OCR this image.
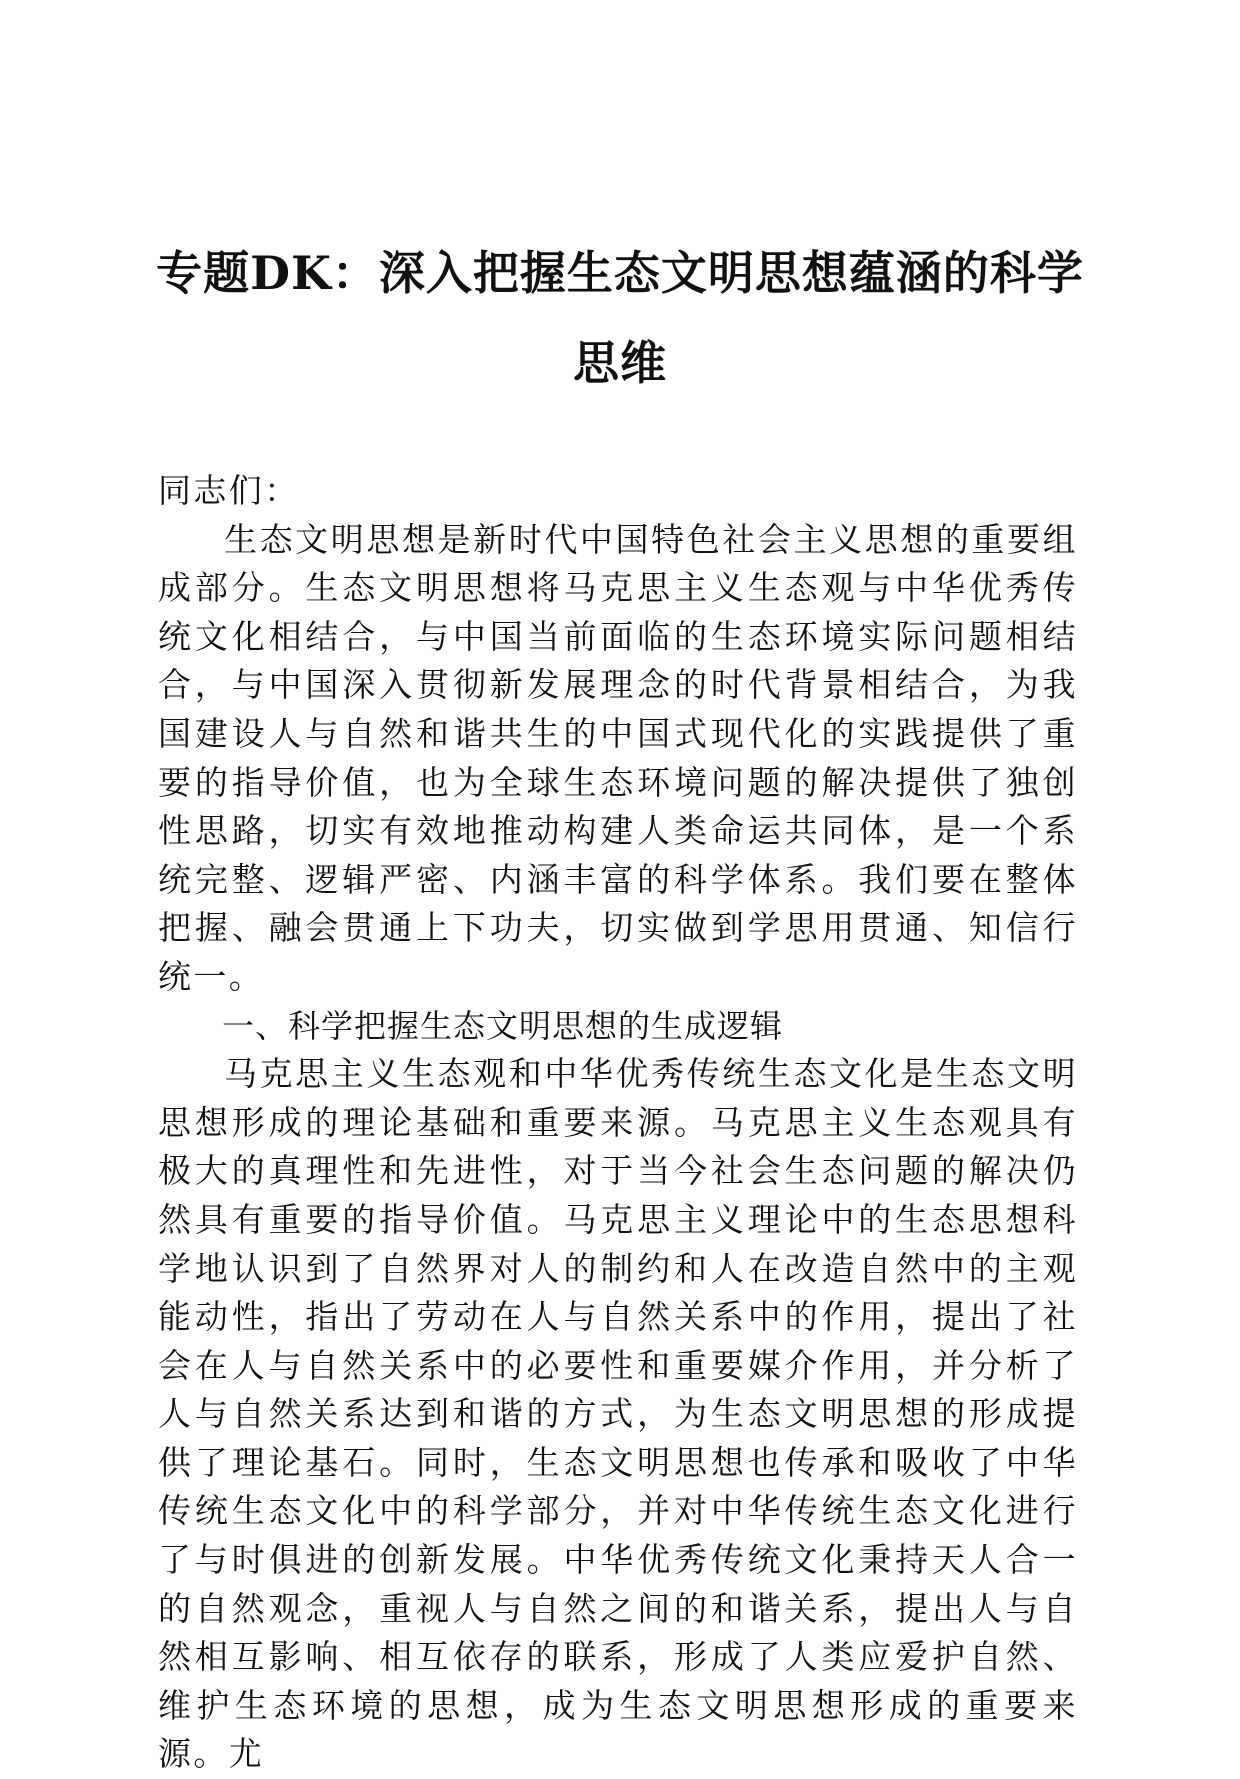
专题DK：深入把握生态文明思想蕴涵的科学
思维

同志们：

生态文明思想是新时代中国特色社会主义思想的重要组成部分。生态文明思想将马克思主义生态观与中华优秀传统文化相结合，与中国当前面临的生态环境实际问题相结合，与中国深入贯彻新发展理念的时代背景相结合，为我国建设人与自然和谐共生的中国式现代化的实践提供了重要的指导价值，也为全球生态环境问题的解决提供了独创性思路，切实有效地推动构建人类命运共同体，是一个系统完整、逻辑严密、内涵丰富的科学体系。我们要在整体把握、融会贯通上下功夫，切实做到学思用贯通、知信行统一。

一、科学把握生态文明思想的生成逻辑

马克思主义生态观和中华优秀传统生态文化是生态文明思想形成的理论基础和重要来源。马克思主义生态观具有极大的真理性和先进性，对于当今社会生态问题的解决仍然具有重要的指导价值。马克思主义理论中的生态思想科学地认识到了自然界对人的制约和人在改造自然中的主观能动性，指出了劳动在人与自然关系中的作用，提出了社会在人与自然关系中的必要性和重要媒介作用，并分析了人与自然关系达到和谐的方式，为生态文明思想的形成提供了理论基石。同时，生态文明思想也传承和吸收了中华传统生态文化中的科学部分，并对中华传统生态文化进行了与时俱进的创新发展。中华优秀传统文化秉持天人合一的自然观念，重视人与自然之间的和谐关系，提出人与自然相互影响、相互依存的联系，形成了人类应爱护自然、维护生态环境的思想，成为生态文明思想形成的重要来源。尤
